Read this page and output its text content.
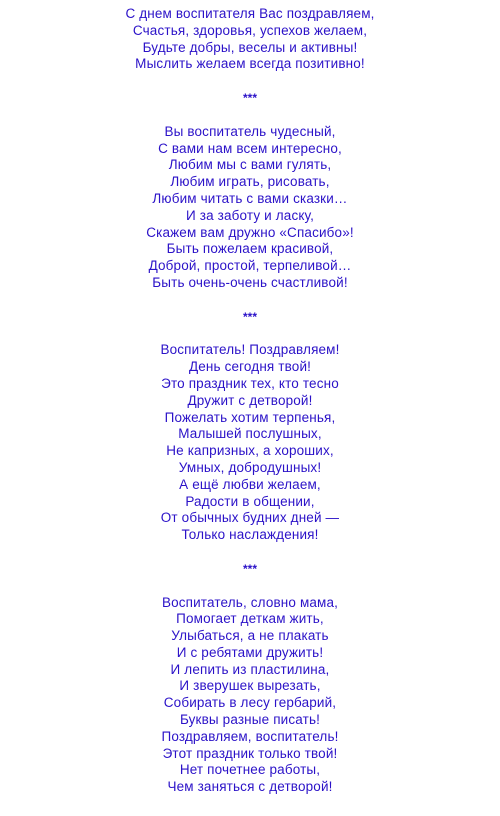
С днем воспитателя Вас поздравляем,
Счастья, здоровья, успехов желаем,
Будьте добры, веселы и активны!
Мыслить желаем всегда позитивно!
***
Вы воспитатель чудесный,
С вами нам всем интересно,
Любим мы с вами гулять,
Любим играть, рисовать,
Любим читать с вами сказки…
И за заботу и ласку,
Скажем вам дружно «Спасибо»!
Быть пожелаем красивой,
Доброй, простой, терпеливой…
Быть очень-очень счастливой!
***
Воспитатель! Поздравляем!
День сегодня твой!
Это праздник тех, кто тесно
Дружит с детворой!
Пожелать хотим терпенья,
Малышей послушных,
Не капризных, а хороших,
Умных, добродушных!
А ещё любви желаем,
Радости в общении,
От обычных будних дней —
Только наслаждения!
***
Воспитатель, словно мама,
Помогает деткам жить,
Улыбаться, а не плакать
И с ребятами дружить!
И лепить из пластилина,
И зверушек вырезать,
Собирать в лесу гербарий,
Буквы разные писать!
Поздравляем, воспитатель!
Этот праздник только твой!
Нет почетнее работы,
Чем заняться с детворой!
